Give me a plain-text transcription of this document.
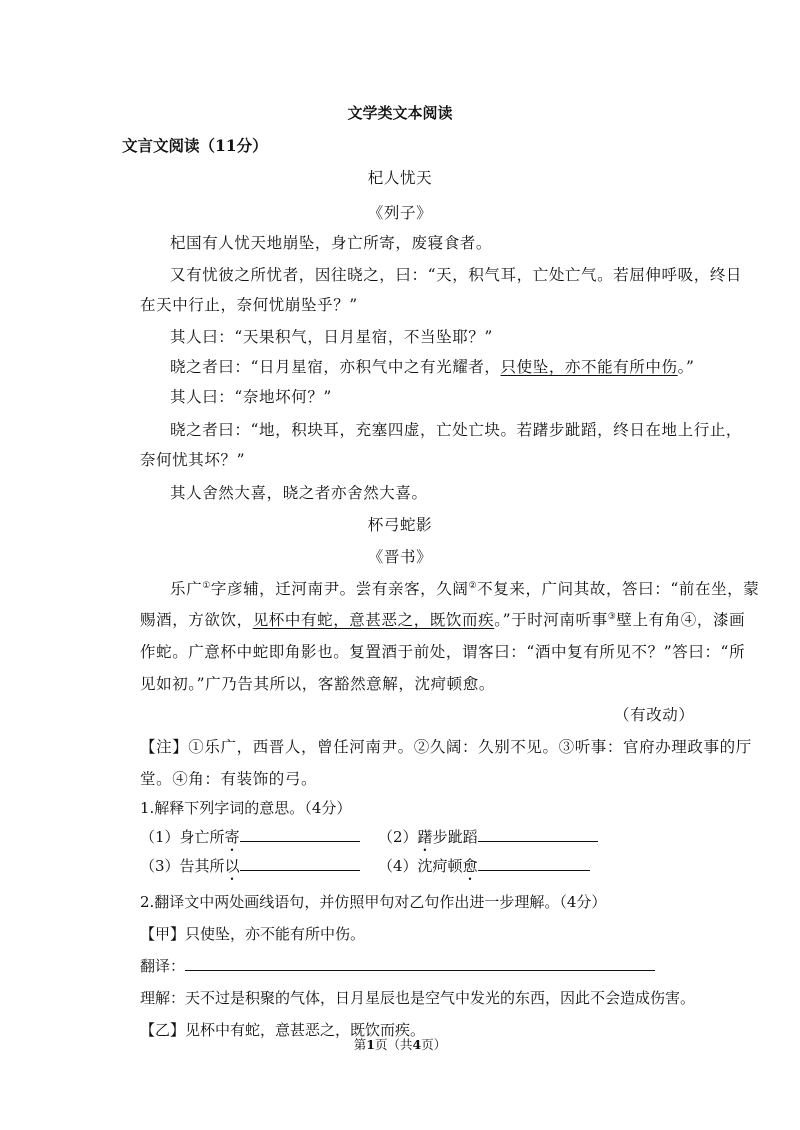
文学类文本阅读
文言文阅读（11分）
杞人忧天
《列子》
杞国有人忧天地崩坠，身亡所寄，废寝食者。
又有忧彼之所忧者，因往晓之，曰：“天，积气耳，亡处亡气。若屈伸呼吸，终日
在天中行止，奈何忧崩坠乎？”
其人曰：“天果积气，日月星宿，不当坠耶？”
晓之者曰：“日月星宿，亦积气中之有光耀者，只使坠，亦不能有所中伤。”
其人曰：“奈地坏何？”
晓之者曰：“地，积块耳，充塞四虚，亡处亡块。若躇步跐蹈，终日在地上行止，
奈何忧其坏？”
其人舍然大喜，晓之者亦舍然大喜。
杯弓蛇影
《晋书》
乐广①字彦辅，迁河南尹。尝有亲客，久阔②不复来，广问其故，答曰：“前在坐，蒙
赐酒，方欲饮，见杯中有蛇，意甚恶之，既饮而疾。”于时河南听事③壁上有角④，漆画
作蛇。广意杯中蛇即角影也。复置酒于前处，谓客曰：“酒中复有所见不？”答曰：“所
见如初。”广乃告其所以，客豁然意解，沈疴顿愈。
（有改动）
【注】①乐广，西晋人，曾任河南尹。②久阔：久别不见。③听事：官府办理政事的厅
堂。④角：有装饰的弓。
1.解释下列字词的意思。（4分）
（1）身亡所寄	（2）躇步跐蹈
（3）告其所以	（4）沈疴顿愈
2.翻译文中两处画线语句，并仿照甲句对乙句作出进一步理解。（4分）
【甲】只使坠，亦不能有所中伤。
翻译：
理解：天不过是积聚的气体，日月星辰也是空气中发光的东西，因此不会造成伤害。
【乙】见杯中有蛇，意甚恶之，既饮而疾。
第1页（共4页）
